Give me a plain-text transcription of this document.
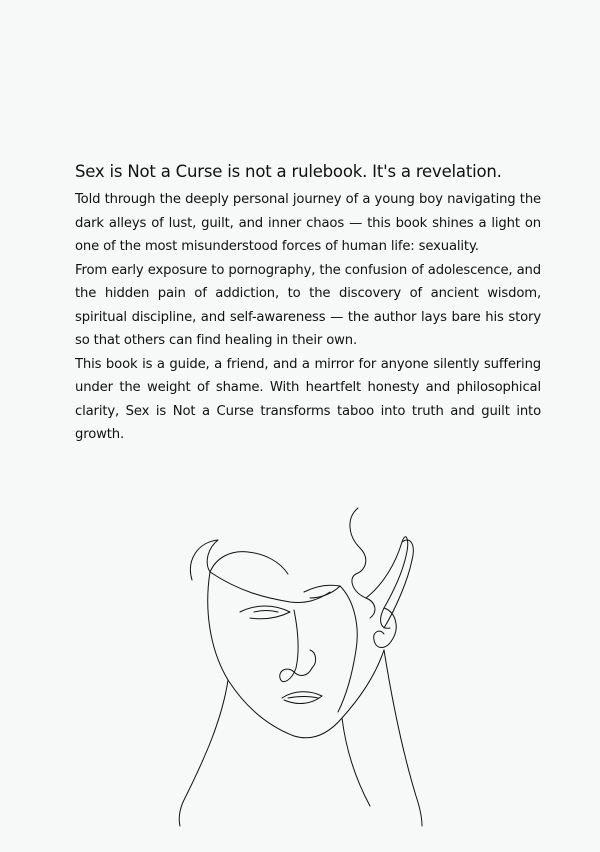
Sex is Not a Curse is not a rulebook. It's a revelation.

Told through the deeply personal journey of a young boy navigating the dark alleys of lust, guilt, and inner chaos — this book shines a light on one of the most misunderstood forces of human life: sexuality.

From early exposure to pornography, the confusion of adolescence, and the hidden pain of addiction, to the discovery of ancient wisdom, spiritual discipline, and self-awareness — the author lays bare his story so that others can find healing in their own.

This book is a guide, a friend, and a mirror for anyone silently suffering under the weight of shame. With heartfelt honesty and philosophical clarity, Sex is Not a Curse transforms taboo into truth and guilt into growth.
